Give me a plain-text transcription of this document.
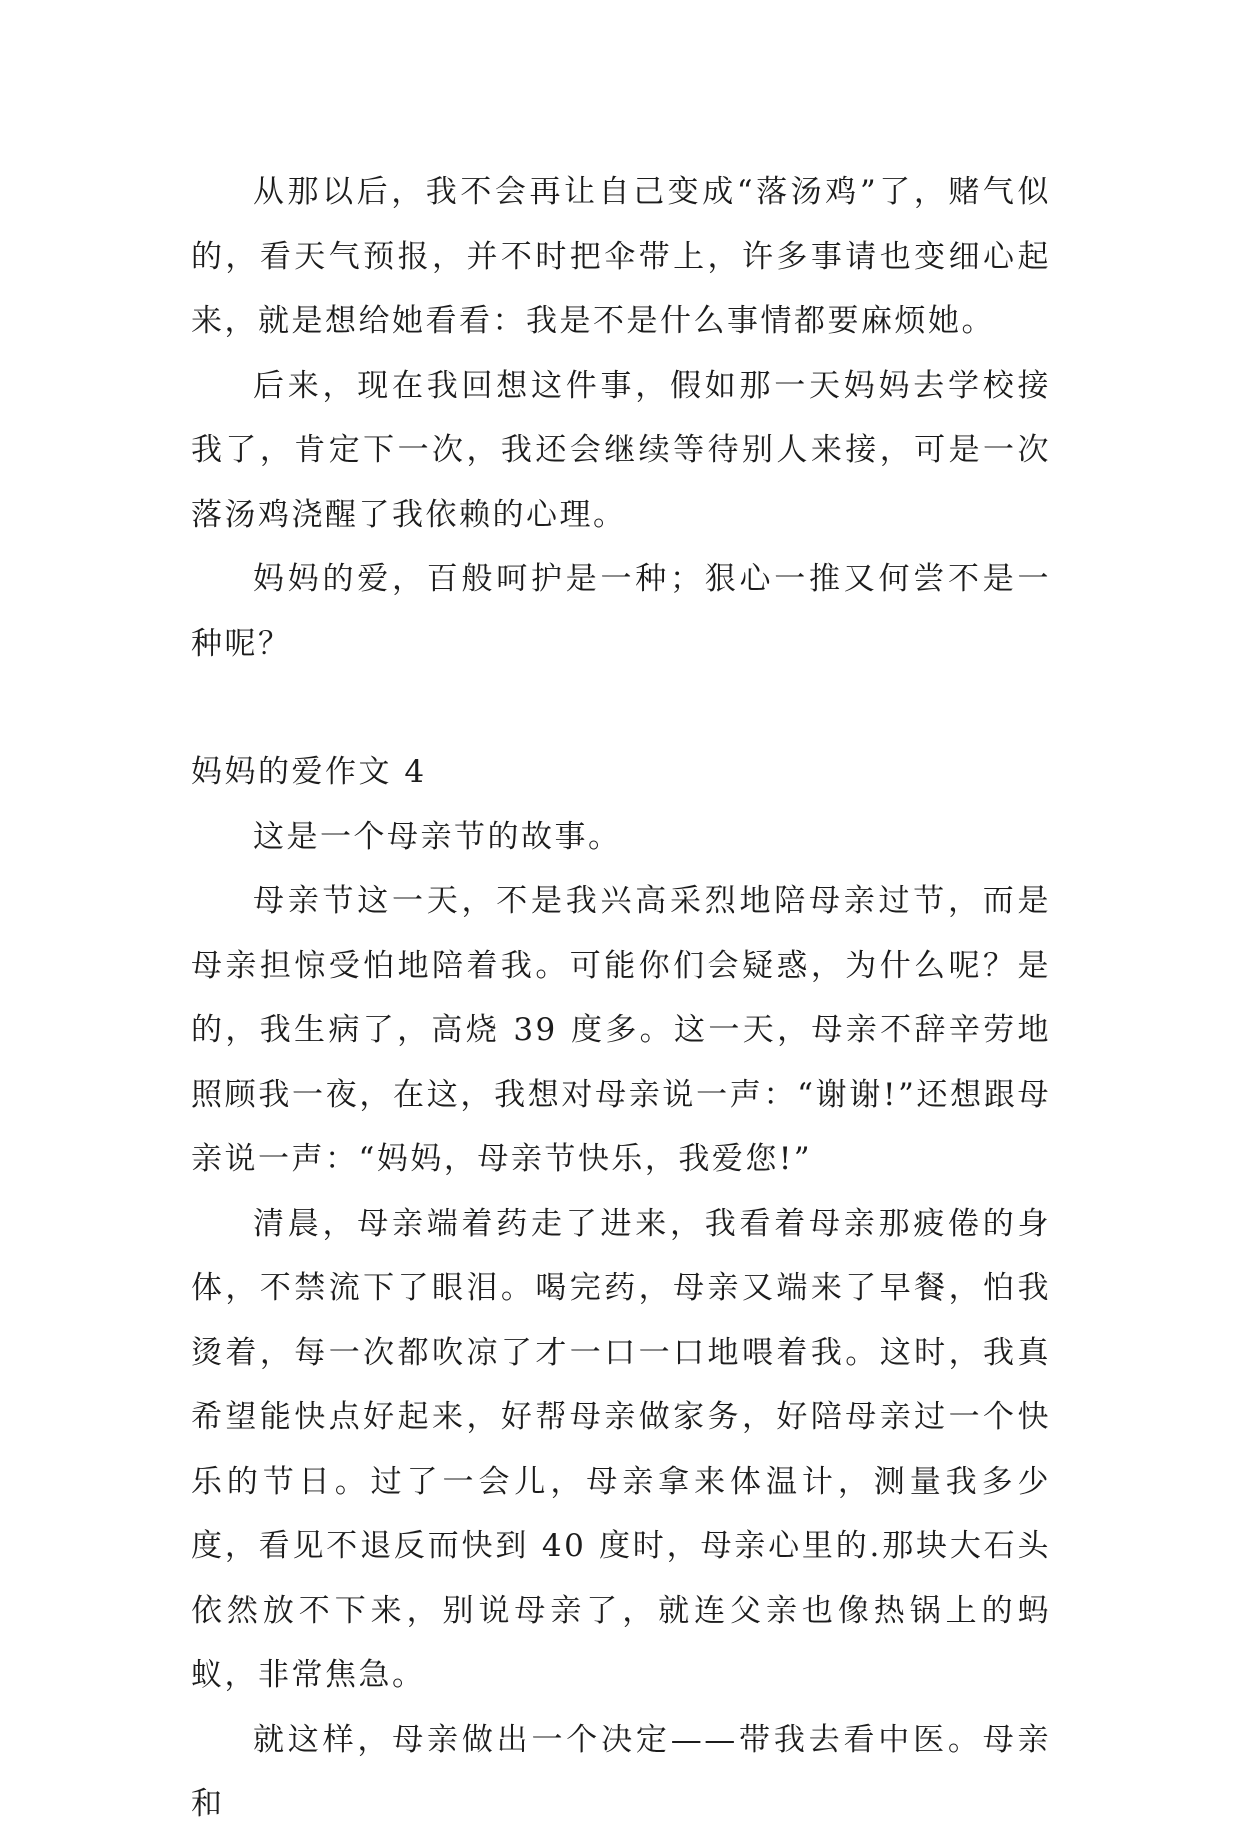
从那以后，我不会再让自己变成“落汤鸡”了，赌气似的，看天气预报，并不时把伞带上，许多事请也变细心起来，就是想给她看看：我是不是什么事情都要麻烦她。

后来，现在我回想这件事，假如那一天妈妈去学校接我了，肯定下一次，我还会继续等待别人来接，可是一次落汤鸡浇醒了我依赖的心理。

妈妈的爱，百般呵护是一种；狠心一推又何尝不是一种呢？

妈妈的爱作文 4

这是一个母亲节的故事。

母亲节这一天，不是我兴高采烈地陪母亲过节，而是母亲担惊受怕地陪着我。可能你们会疑惑，为什么呢？是的，我生病了，高烧 39 度多。这一天，母亲不辞辛劳地照顾我一夜，在这，我想对母亲说一声：“谢谢!”还想跟母亲说一声：“妈妈，母亲节快乐，我爱您!”

清晨，母亲端着药走了进来，我看着母亲那疲倦的身体，不禁流下了眼泪。喝完药，母亲又端来了早餐，怕我烫着，每一次都吹凉了才一口一口地喂着我。这时，我真希望能快点好起来，好帮母亲做家务，好陪母亲过一个快乐的节日。过了一会儿，母亲拿来体温计，测量我多少度，看见不退反而快到 40 度时，母亲心里的.那块大石头依然放不下来，别说母亲了，就连父亲也像热锅上的蚂蚁，非常焦急。

就这样，母亲做出一个决定——带我去看中医。母亲和
